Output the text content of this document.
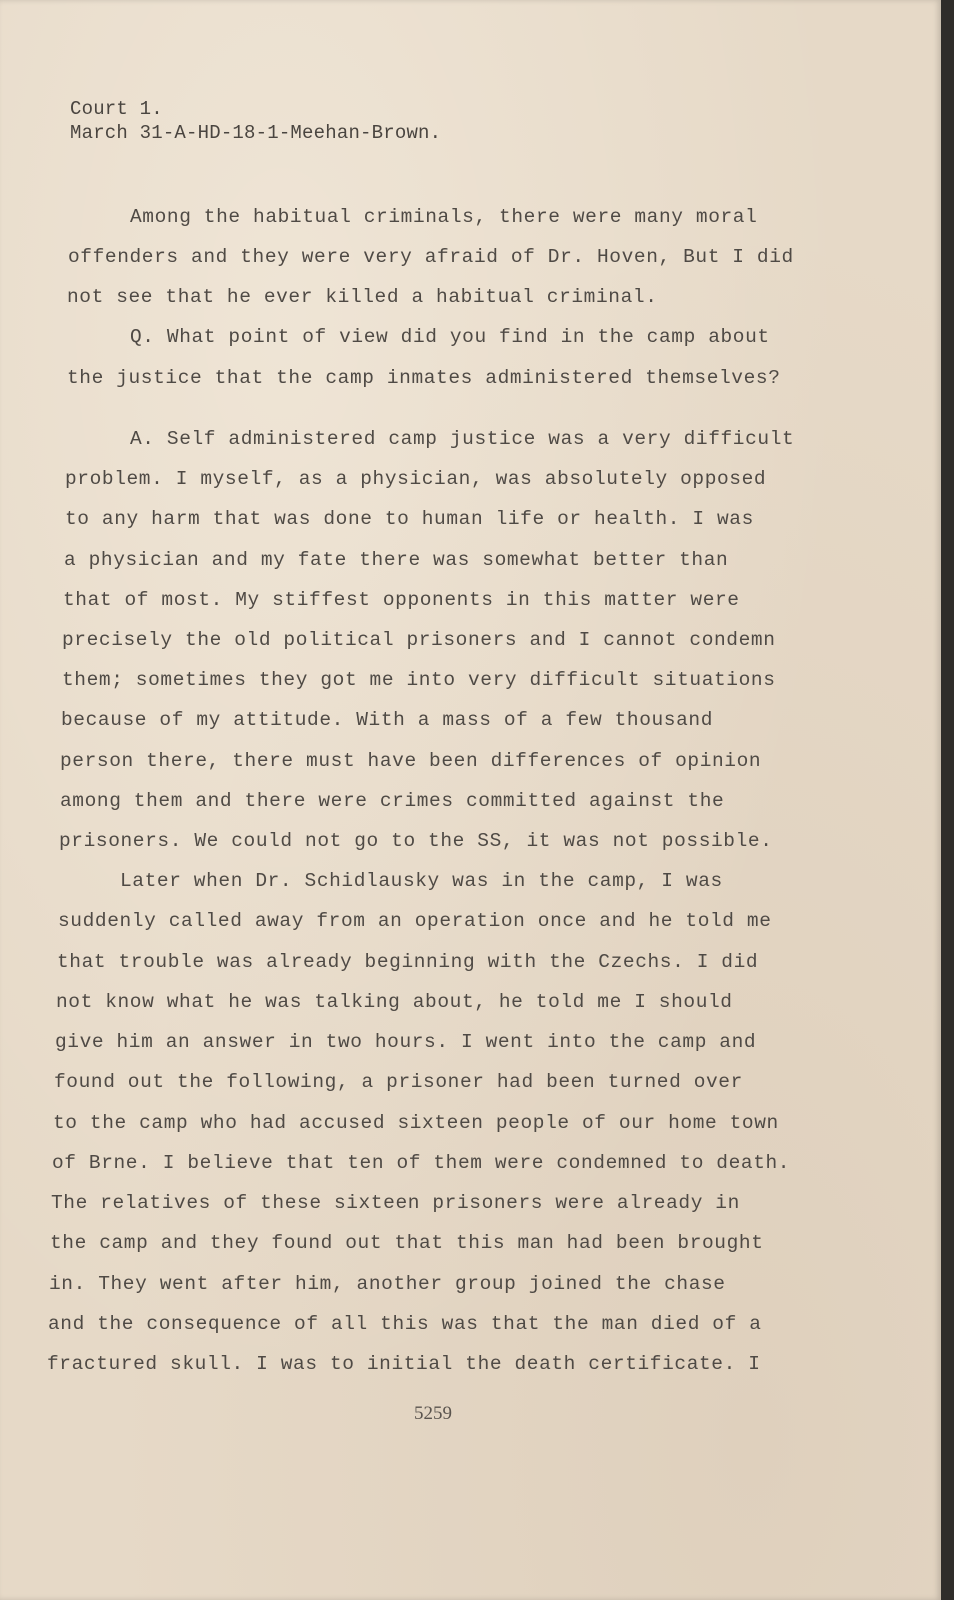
Court 1.
March 31-A-HD-18-1-Meehan-Brown.
Among the habitual criminals, there were many moral
offenders and they were very afraid of Dr. Hoven, But I did
not see that he ever killed a habitual criminal.
Q. What point of view did you find in the camp about
the justice that the camp inmates administered themselves?
A. Self administered camp justice was a very difficult
problem. I myself, as a physician, was absolutely opposed
to any harm that was done to human life or health. I was
a physician and my fate there was somewhat better than
that of most. My stiffest opponents in this matter were
precisely the old political prisoners and I cannot condemn
them; sometimes they got me into very difficult situations
because of my attitude. With a mass of a few thousand
person there, there must have been differences of opinion
among them and there were crimes committed against the
prisoners. We could not go to the SS, it was not possible.
Later when Dr. Schidlausky was in the camp, I was
suddenly called away from an operation once and he told me
that trouble was already beginning with the Czechs. I did
not know what he was talking about, he told me I should
give him an answer in two hours. I went into the camp and
found out the following, a prisoner had been turned over
to the camp who had accused sixteen people of our home town
of Brne. I believe that ten of them were condemned to death.
The relatives of these sixteen prisoners were already in
the camp and they found out that this man had been brought
in. They went after him, another group joined the chase
and the consequence of all this was that the man died of a
fractured skull. I was to initial the death certificate. I
5259
